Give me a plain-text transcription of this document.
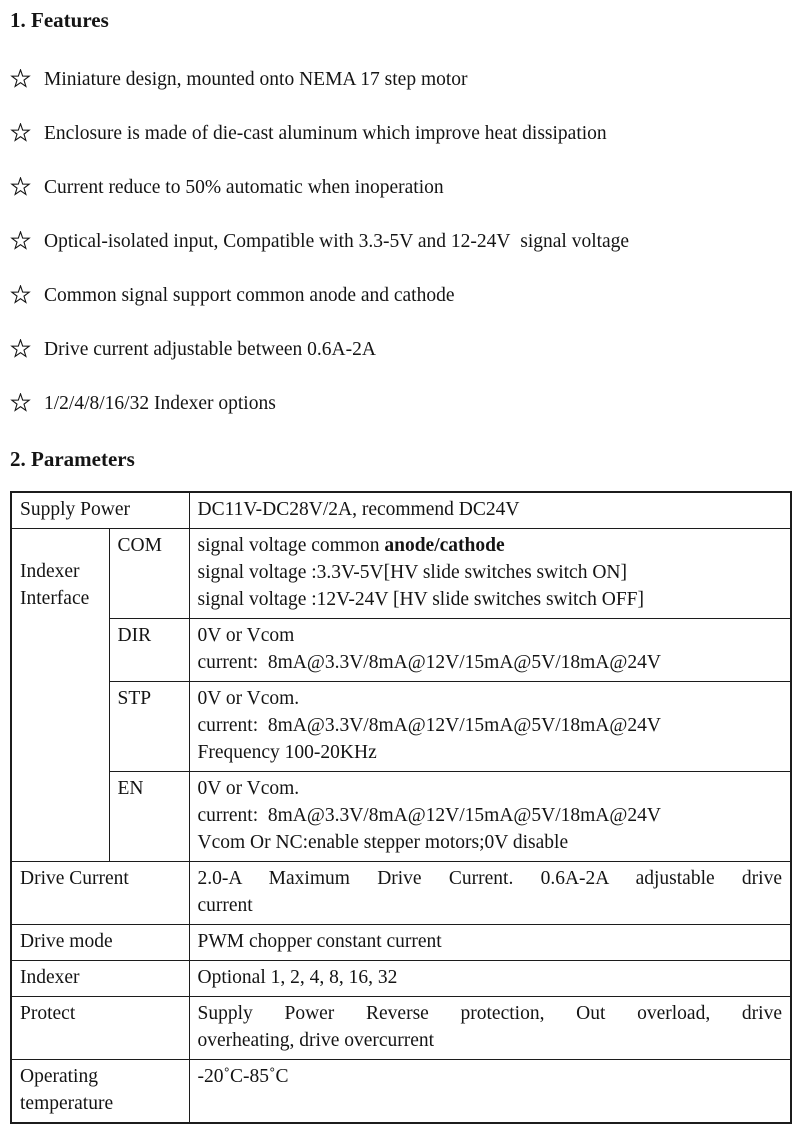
1. Features
Miniature design, mounted onto NEMA 17 step motor
Enclosure is made of die-cast aluminum which improve heat dissipation
Current reduce to 50% automatic when inoperation
Optical-isolated input, Compatible with 3.3-5V and 12-24V  signal voltage
Common signal support common anode and cathode
Drive current adjustable between 0.6A-2A
1/2/4/8/16/32 Indexer options
2. Parameters
Supply Power		DC11V-DC28V/2A, recommend DC24V

Indexer Interface	COM	signal voltage common anode/cathode
signal voltage :3.3V-5V[HV slide switches switch ON]
signal voltage :12V-24V [HV slide switches switch OFF]

	DIR	0V or Vcom
current:  8mA@3.3V/8mA@12V/15mA@5V/18mA@24V

	STP	0V or Vcom.
current:  8mA@3.3V/8mA@12V/15mA@5V/18mA@24V
Frequency 100-20KHz

	EN	0V or Vcom.
current:  8mA@3.3V/8mA@12V/15mA@5V/18mA@24V
Vcom Or NC:enable stepper motors;0V disable

Drive Current		2.0-A Maximum Drive Current. 0.6A-2A adjustable drive
current

Drive mode		PWM chopper constant current

Indexer		Optional 1, 2, 4, 8, 16, 32

Protect		Supply Power Reverse protection, Out overload, drive
overheating, drive overcurrent

Operating temperature		-20˚C-85˚C
